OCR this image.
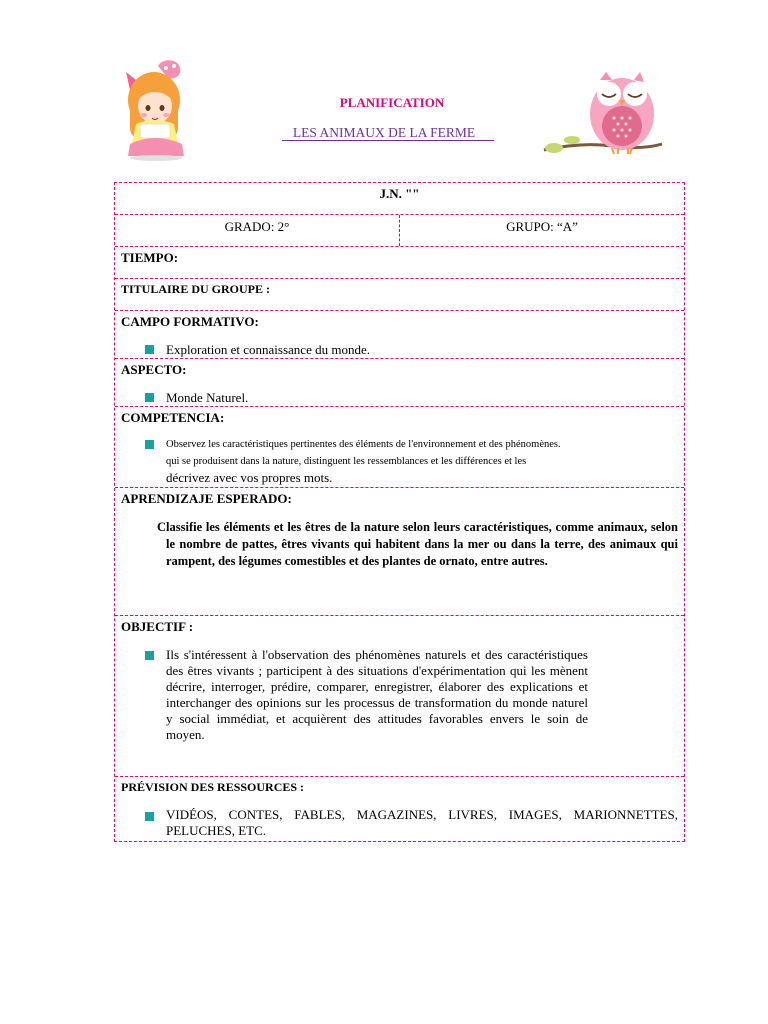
PLANIFICATION
LES ANIMAUX DE LA FERME
J.N. ""
GRADO: 2°	GRUPO: “A”
TIEMPO:
TITULAIRE DU GROUPE :
CAMPO FORMATIVO:
Exploration et connaissance du monde.
ASPECTO:
Monde Naturel.
COMPETENCIA:
Observez les caractéristiques pertinentes des éléments de l'environnement et des phénomènes.
qui se produisent dans la nature, distinguent les ressemblances et les différences et les
décrivez avec vos propres mots.
APRENDIZAJE ESPERADO:
Classifie les éléments et les êtres de la nature selon leurs caractéristiques, comme animaux, selon le nombre de pattes, êtres vivants qui habitent dans la mer ou dans la terre, des animaux qui rampent, des légumes comestibles et des plantes de ornato, entre autres.
OBJECTIF :
Ils s'intéressent à l'observation des phénomènes naturels et des caractéristiques des êtres vivants ; participent à des situations d'expérimentation qui les mènent décrire, interroger, prédire, comparer, enregistrer, élaborer des explications et interchanger des opinions sur les processus de transformation du monde naturel y social immédiat, et acquièrent des attitudes favorables envers le soin de moyen.
PRÉVISION DES RESSOURCES :
VIDÉOS, CONTES, FABLES, MAGAZINES, LIVRES, IMAGES, MARIONNETTES, PELUCHES, ETC.
